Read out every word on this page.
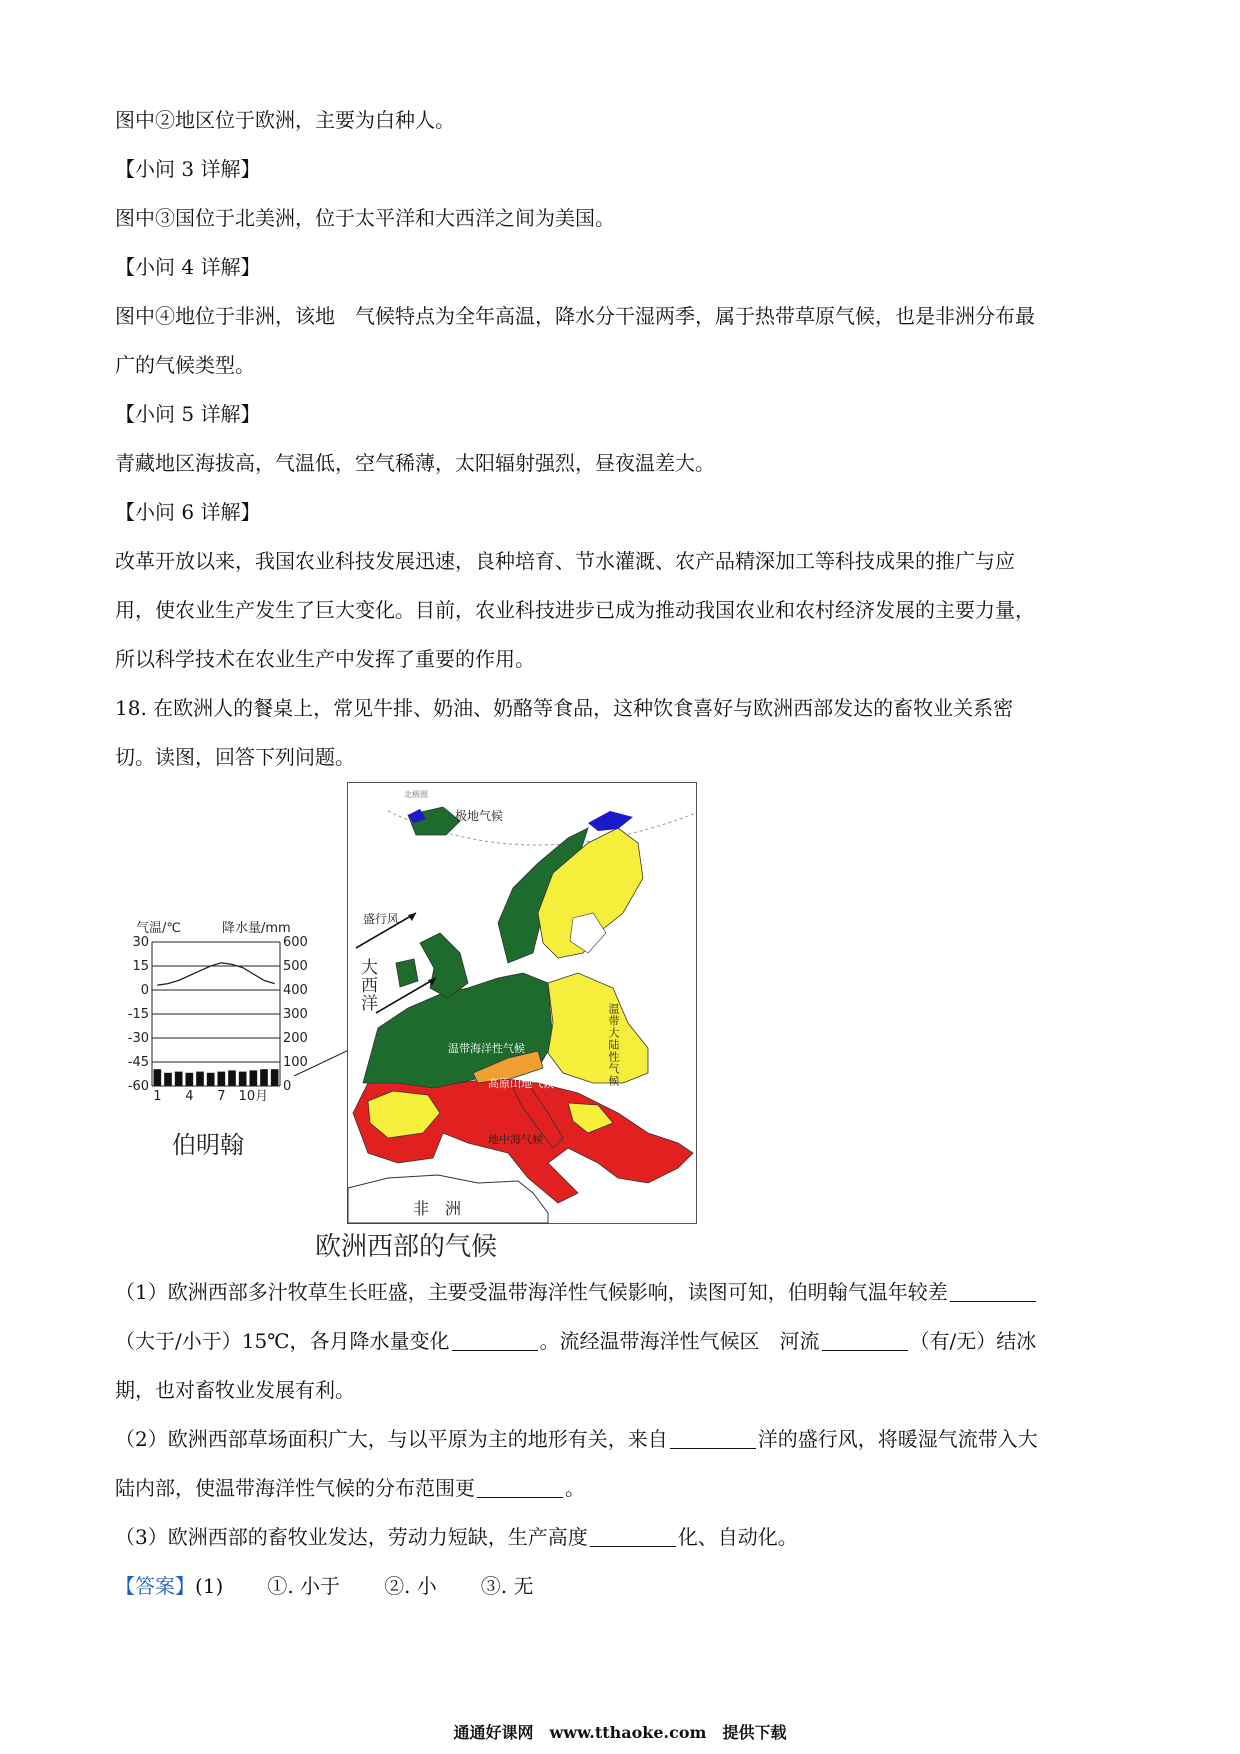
图中②地区位于欧洲，主要为白种人。
【小问 3 详解】
图中③国位于北美洲，位于太平洋和大西洋之间为美国。
【小问 4 详解】
图中④地位于非洲，该地　气候特点为全年高温，降水分干湿两季，属于热带草原气候，也是非洲分布最
广的气候类型。
【小问 5 详解】
青藏地区海拔高，气温低，空气稀薄，太阳辐射强烈，昼夜温差大。
【小问 6 详解】
改革开放以来，我国农业科技发展迅速，良种培育、节水灌溉、农产品精深加工等科技成果的推广与应
用，使农业生产发生了巨大变化。目前，农业科技进步已成为推动我国农业和农村经济发展的主要力量，
所以科学技术在农业生产中发挥了重要的作用。
18. 在欧洲人的餐桌上，常见牛排、奶油、奶酪等食品，这种饮食喜好与欧洲西部发达的畜牧业关系密
切。读图，回答下列问题。
气温/℃	降水量/mm
30	600
15	500
0	400
-15	300
-30	200
-45	100
-60	0
1 4 7 10月
伯明翰
极地气候
北极圈
盛行风
大西洋
温带海洋性气候	温带大陆性气候
高原山地气候
地中海气候
非　洲
欧洲西部的气候
（1）欧洲西部多汁牧草生长旺盛，主要受温带海洋性气候影响，读图可知，伯明翰气温年较差
（大于/小于）15℃，各月降水量变化	。流经温带海洋性气候区　河流	（有/无）结冰
期，也对畜牧业发展有利。
（2）欧洲西部草场面积广大，与以平原为主的地形有关，来自	洋的盛行风，将暖湿气流带入大
陆内部，使温带海洋性气候的分布范围更	。
（3）欧洲西部的畜牧业发达，劳动力短缺，生产高度	化、自动化。
【答案】(1) ①. 小于 ②. 小 ③. 无
通通好课网　www.tthaoke.com　提供下载
